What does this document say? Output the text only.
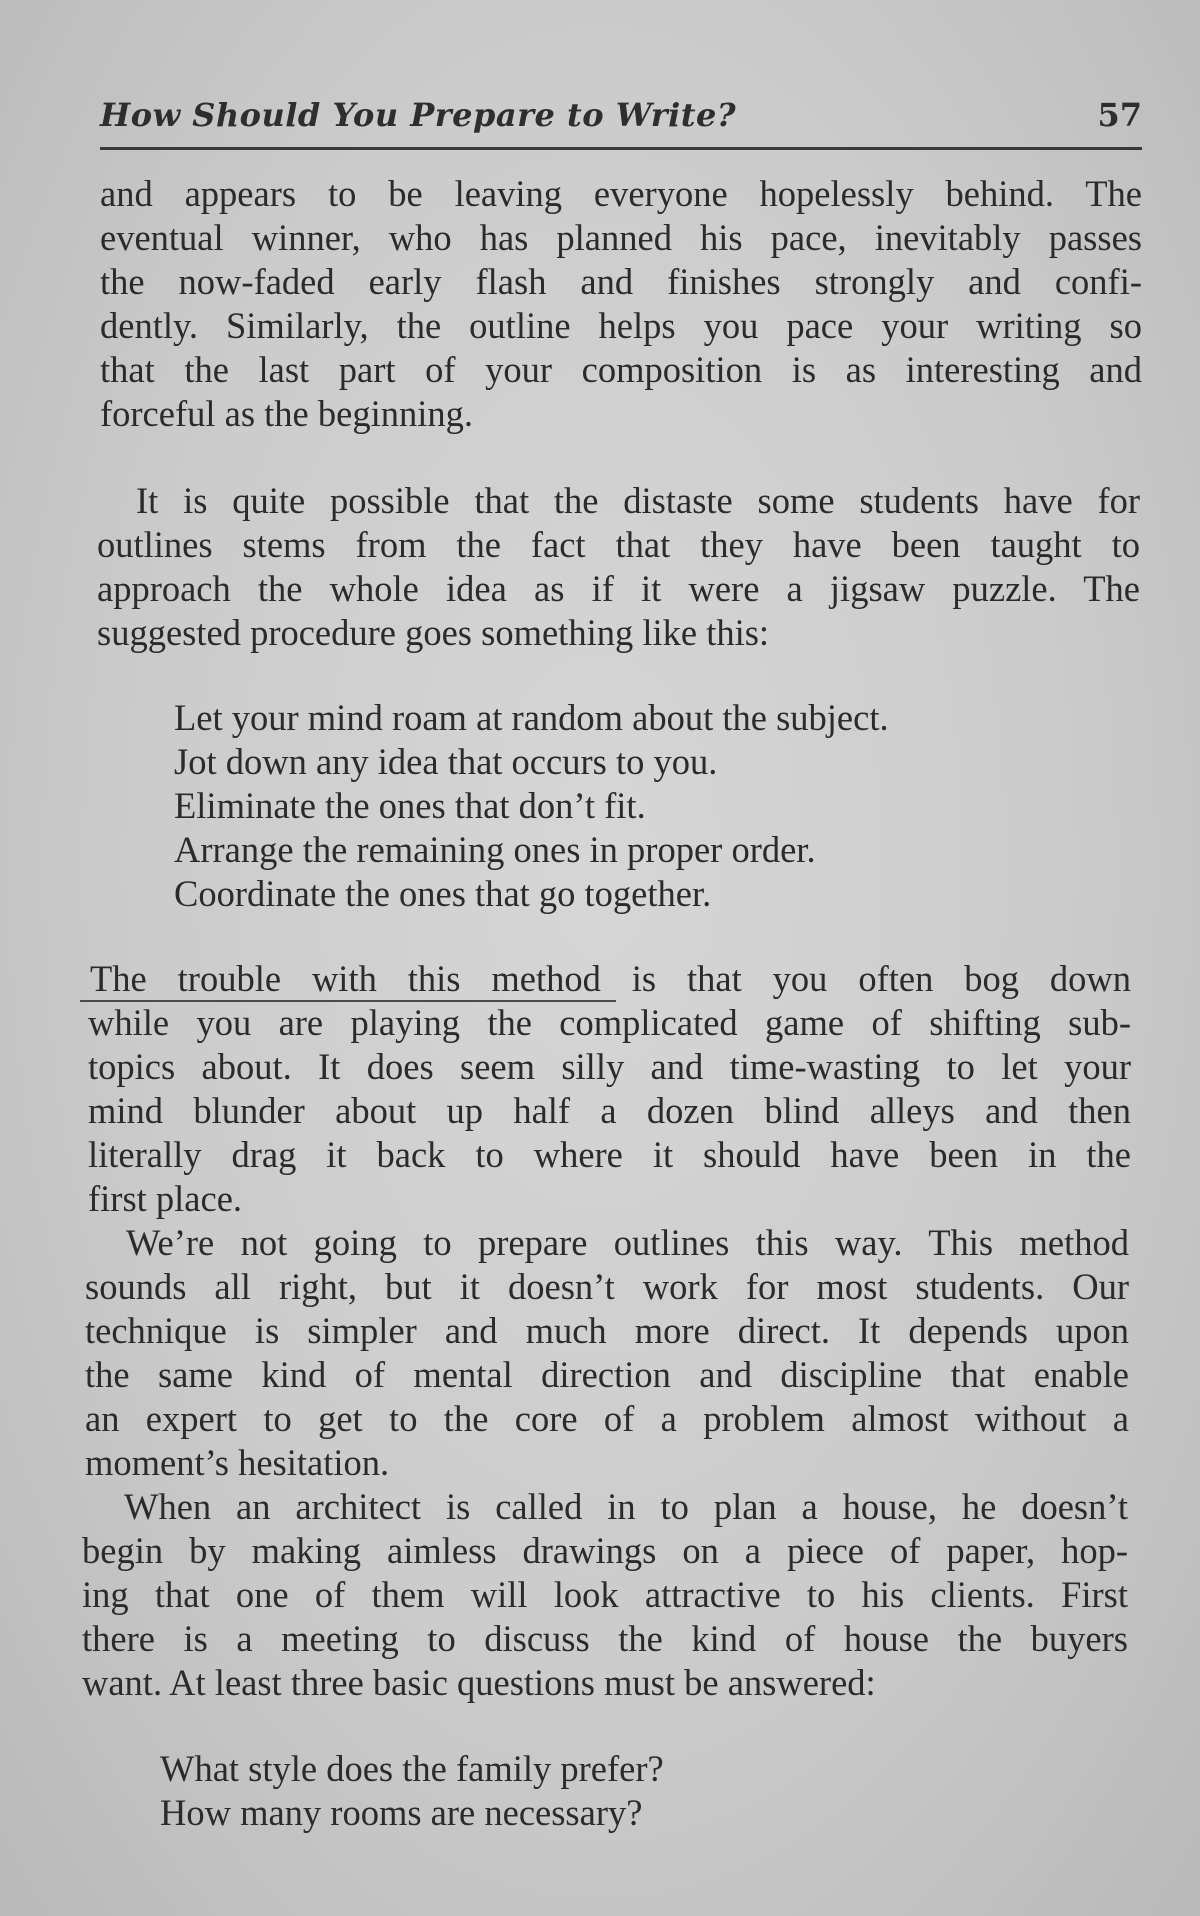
How Should You Prepare to Write?	57
and appears to be leaving everyone hopelessly behind. The
eventual winner, who has planned his pace, inevitably passes
the now-faded early flash and finishes strongly and confi-
dently. Similarly, the outline helps you pace your writing so
that the last part of your composition is as interesting and
forceful as the beginning.
It is quite possible that the distaste some students have for
outlines stems from the fact that they have been taught to
approach the whole idea as if it were a jigsaw puzzle. The
suggested procedure goes something like this:
Let your mind roam at random about the subject.
Jot down any idea that occurs to you.
Eliminate the ones that don’t fit.
Arrange the remaining ones in proper order.
Coordinate the ones that go together.
The trouble with this method is that you often bog down
while you are playing the complicated game of shifting sub-
topics about. It does seem silly and time-wasting to let your
mind blunder about up half a dozen blind alleys and then
literally drag it back to where it should have been in the
first place.
We’re not going to prepare outlines this way. This method
sounds all right, but it doesn’t work for most students. Our
technique is simpler and much more direct. It depends upon
the same kind of mental direction and discipline that enable
an expert to get to the core of a problem almost without a
moment’s hesitation.
When an architect is called in to plan a house, he doesn’t
begin by making aimless drawings on a piece of paper, hop-
ing that one of them will look attractive to his clients. First
there is a meeting to discuss the kind of house the buyers
want. At least three basic questions must be answered:
What style does the family prefer?
How many rooms are necessary?
